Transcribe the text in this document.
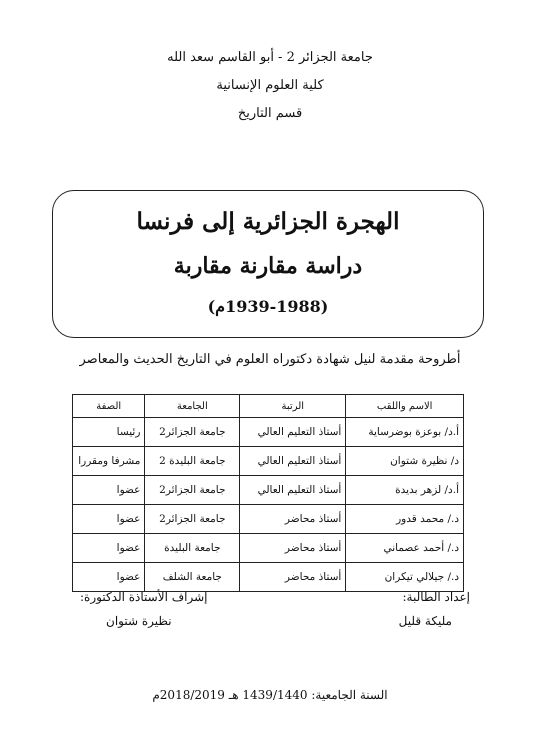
جامعة الجزائر 2 - أبو القاسم سعد الله
كلية العلوم الإنسانية
قسم التاريخ
الهجرة الجزائرية إلى فرنسا
دراسة مقارنة مقاربة
(1939-1988م)
أطروحة مقدمة لنيل شهادة دكتوراه العلوم في التاريخ الحديث والمعاصر
الاسم واللقب	الرتبة	الجامعة	الصفة
أ.د/ بوعزة بوضرساية	أستاذ التعليم العالي	جامعة الجزائر2	رئيسا
د/ نظيرة شتوان	أستاذ التعليم العالي	جامعة البليدة 2	مشرفا ومقررا
أ.د/ لزهر بديدة	أستاذ التعليم العالي	جامعة الجزائر2	عضوا
د./ محمد قدور	أستاذ محاضر	جامعة الجزائر2	عضوا
د./ أحمد عصماني	أستاذ محاضر	جامعة البليدة	عضوا
د./ جيلالي تيكران	أستاذ محاضر	جامعة الشلف	عضوا
إعداد الطالبة:
مليكة قليل
إشراف الأستاذة الدكتورة:
نظيرة شتوان
السنة الجامعية: 1439/1440 هـ 2018/2019م
